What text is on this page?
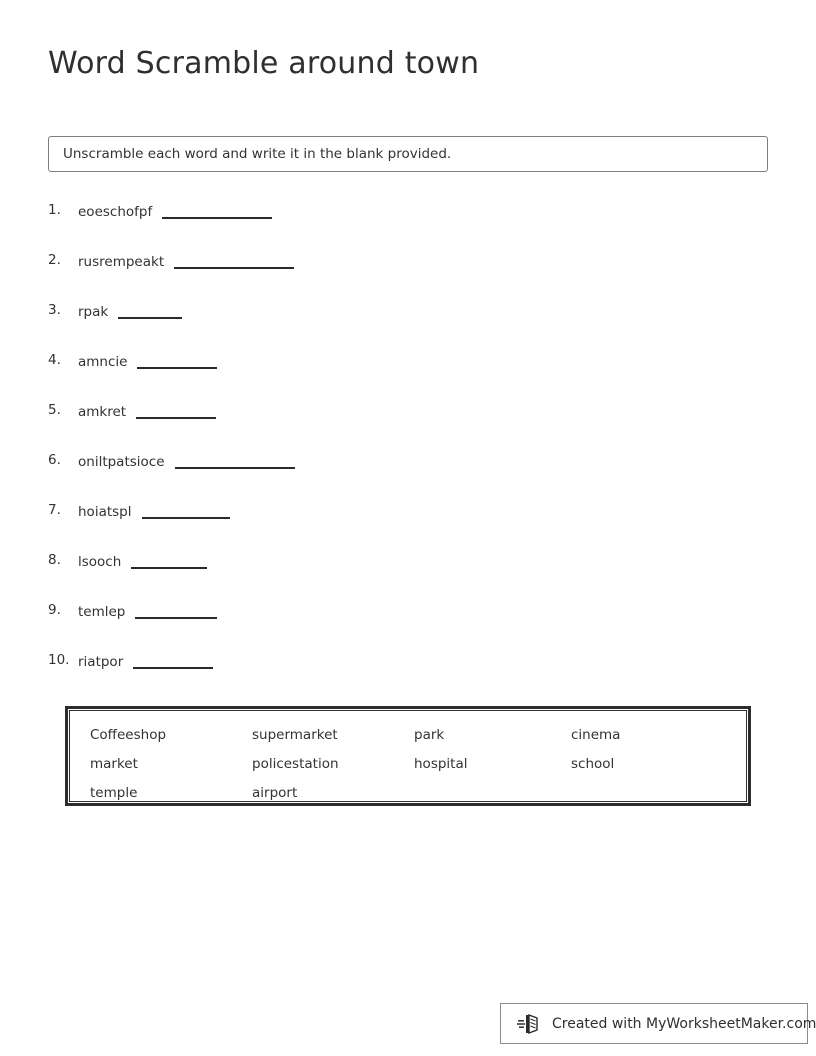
Word Scramble around town
Unscramble each word and write it in the blank provided.
1.	eoeschofpf
2.	rusrempeakt
3.	rpak
4.	amncie
5.	amkret
6.	oniltpatsioce
7.	hoiatspl
8.	lsooch
9.	temlep
10. riatpor
Coffeeshop	supermarket	park	cinema
market	policestation	hospital	school
temple	airport
Created with MyWorksheetMaker.com
